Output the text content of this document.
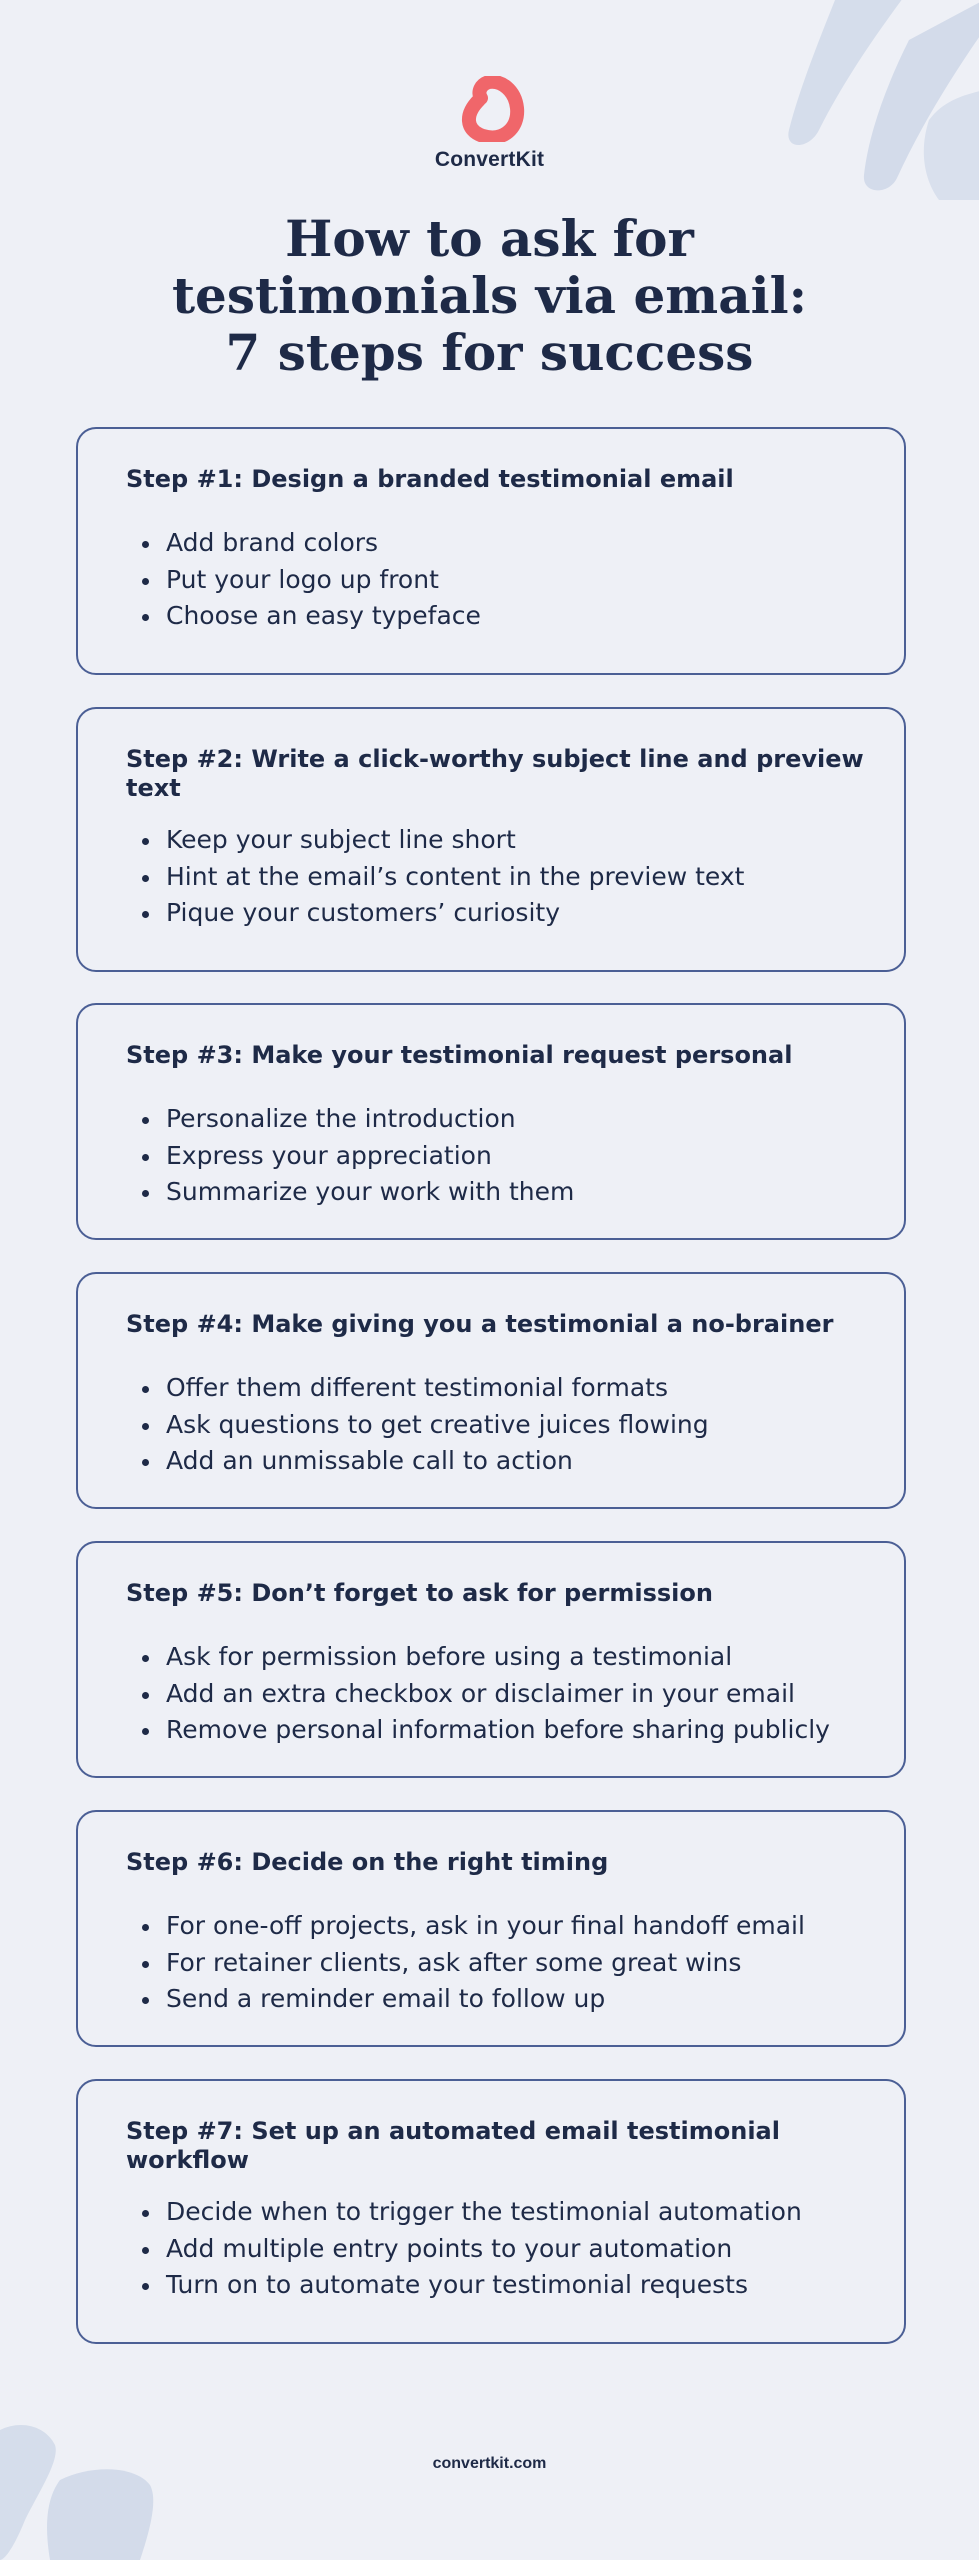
ConvertKit
How to ask for
testimonials via email:
7 steps for success
Step #1: Design a branded testimonial email
Add brand colors
Put your logo up front
Choose an easy typeface
Step #2: Write a click-worthy subject line and preview text
Keep your subject line short
Hint at the email’s content in the preview text
Pique your customers’ curiosity
Step #3: Make your testimonial request personal
Personalize the introduction
Express your appreciation
Summarize your work with them
Step #4: Make giving you a testimonial a no-brainer
Offer them different testimonial formats
Ask questions to get creative juices flowing
Add an unmissable call to action
Step #5: Don’t forget to ask for permission
Ask for permission before using a testimonial
Add an extra checkbox or disclaimer in your email
Remove personal information before sharing publicly
Step #6: Decide on the right timing
For one-off projects, ask in your final handoff email
For retainer clients, ask after some great wins
Send a reminder email to follow up
Step #7: Set up an automated email testimonial workflow
Decide when to trigger the testimonial automation
Add multiple entry points to your automation
Turn on to automate your testimonial requests
convertkit.com
